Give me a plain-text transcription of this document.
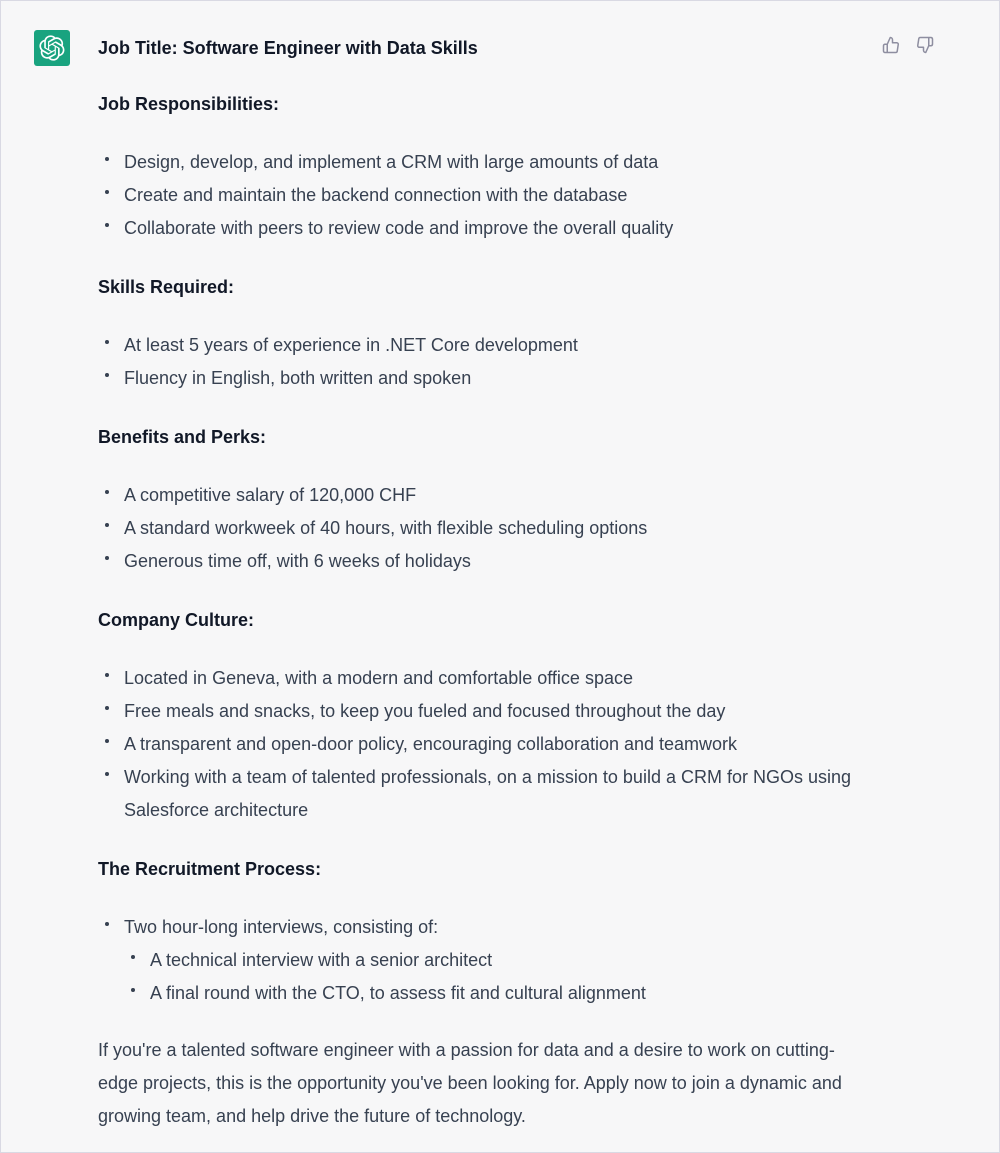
Job Title: Software Engineer with Data Skills
Job Responsibilities:
Design, develop, and implement a CRM with large amounts of data
Create and maintain the backend connection with the database
Collaborate with peers to review code and improve the overall quality
Skills Required:
At least 5 years of experience in .NET Core development
Fluency in English, both written and spoken
Benefits and Perks:
A competitive salary of 120,000 CHF
A standard workweek of 40 hours, with flexible scheduling options
Generous time off, with 6 weeks of holidays
Company Culture:
Located in Geneva, with a modern and comfortable office space
Free meals and snacks, to keep you fueled and focused throughout the day
A transparent and open-door policy, encouraging collaboration and teamwork
Working with a team of talented professionals, on a mission to build a CRM for NGOs using Salesforce architecture
The Recruitment Process:
Two hour-long interviews, consisting of:
A technical interview with a senior architect
A final round with the CTO, to assess fit and cultural alignment

If you're a talented software engineer with a passion for data and a desire to work on cutting-edge projects, this is the opportunity you've been looking for. Apply now to join a dynamic and growing team, and help drive the future of technology.
